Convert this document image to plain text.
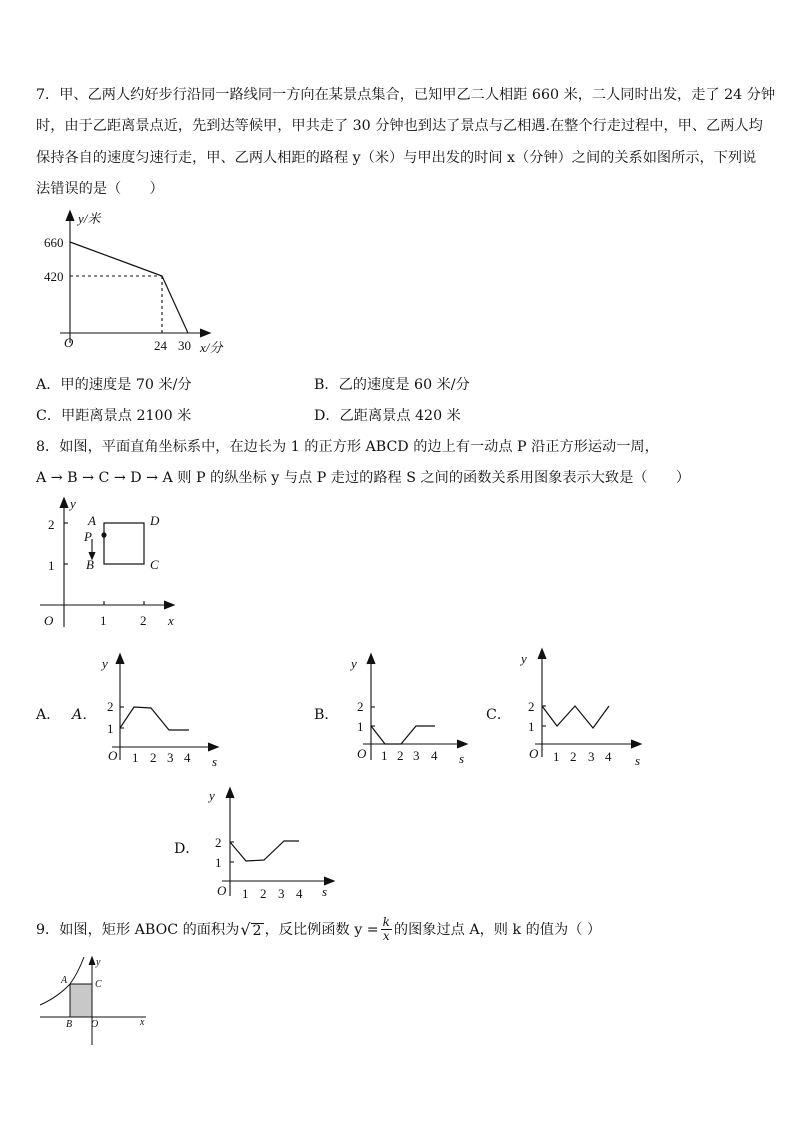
7．甲、乙两人约好步行沿同一路线同一方向在某景点集合，已知甲乙二人相距 660 米，二人同时出发，走了 24 分钟
时，由于乙距离景点近，先到达等候甲，甲共走了 30 分钟也到达了景点与乙相遇.在整个行走过程中，甲、乙两人均
保持各自的速度匀速行走，甲、乙两人相距的路程 y（米）与甲出发的时间 x（分钟）之间的关系如图所示，下列说
法错误的是（　　）
y/米
660
420
O	24 30 x/分
A．甲的速度是 70 米/分	B．乙的速度是 60 米/分
C．甲距离景点 2100 米	D．乙距离景点 420 米
8．如图，平面直角坐标系中，在边长为 1 的正方形 ABCD 的边上有一动点 P 沿正方形运动一周，
A → B → C → D → A 则 P 的纵坐标 y 与点 P 走过的路程 S 之间的函数关系用图象表示大致是（　　）
y
2
1
A
P
B
D
C
O	1	2 x
A． A．
y
2
1
O 1 2 3 4 s
B．
y
2
1
O 1 2 3 4 s
C．
y
2
1
O 1 2 3 4 s
D．
y
2
1
O 1 2 3 4 s
9．如图，矩形 ABOC 的面积为 √ 2 ，反比例函数 $y = \frac{k}{x}$ 的图象过点 A，则 k 的值为（ ）
y
A	C
B O	x
